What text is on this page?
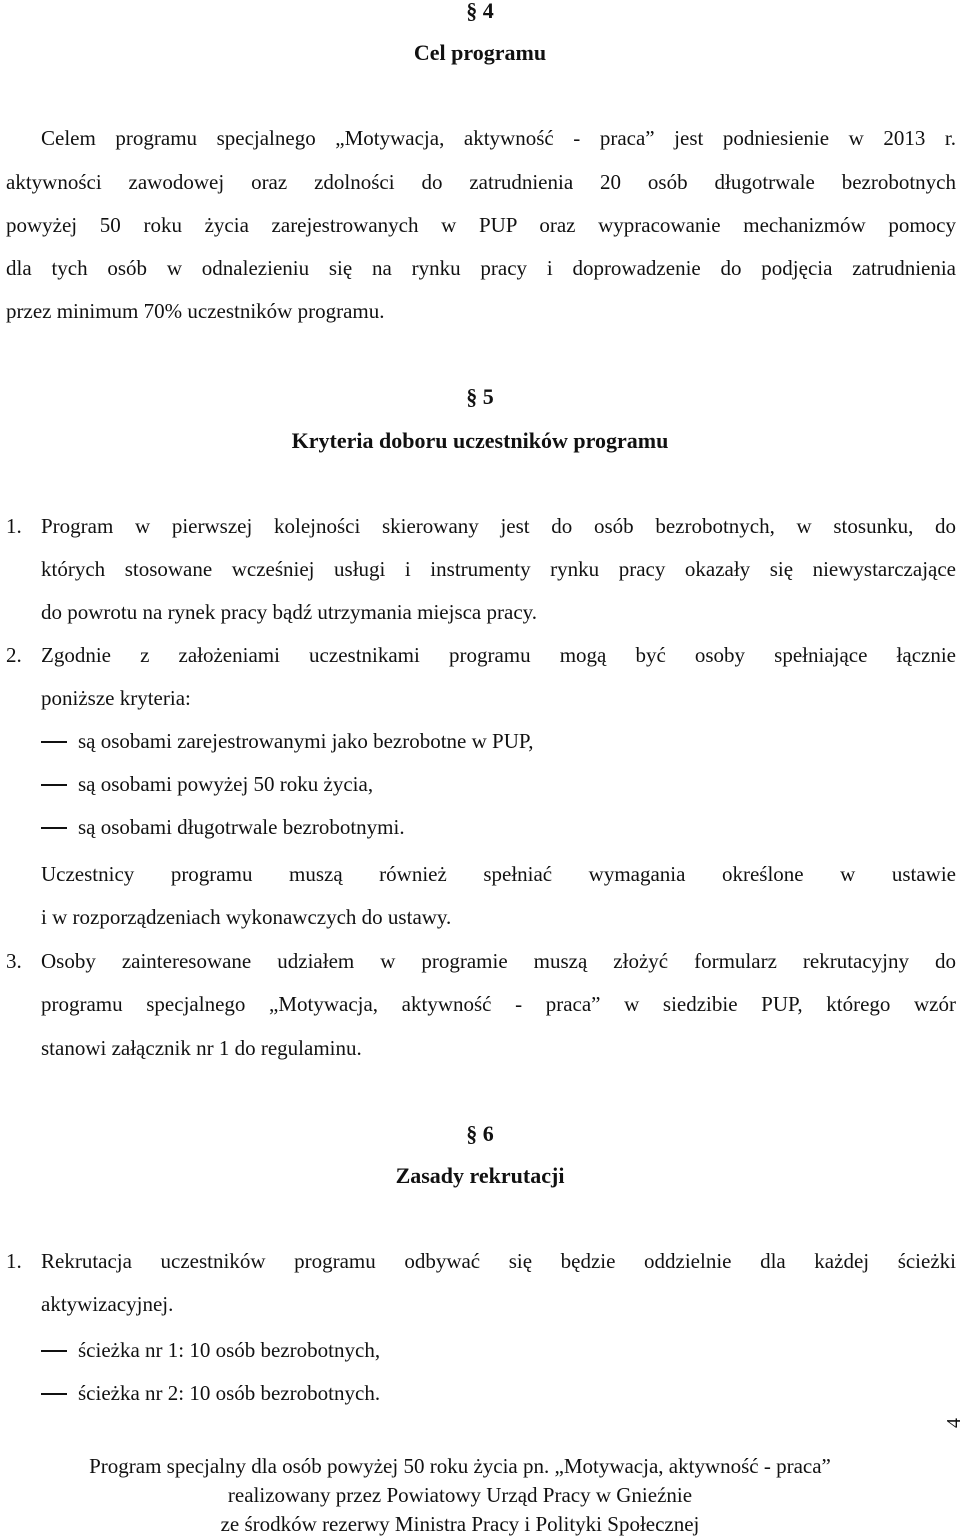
§ 4
Cel programu
Celem programu specjalnego „Motywacja, aktywność - praca” jest podniesienie w 2013 r.
aktywności zawodowej oraz zdolności do zatrudnienia 20 osób długotrwale bezrobotnych
powyżej 50 roku życia zarejestrowanych w PUP oraz wypracowanie mechanizmów pomocy
dla tych osób w odnalezieniu się na rynku pracy i doprowadzenie do podjęcia zatrudnienia
przez minimum 70% uczestników programu.
§ 5
Kryteria doboru uczestników programu
1. Program w pierwszej kolejności skierowany jest do osób bezrobotnych, w stosunku, do
których stosowane wcześniej usługi i instrumenty rynku pracy okazały się niewystarczające
do powrotu na rynek pracy bądź utrzymania miejsca pracy.
2. Zgodnie z założeniami uczestnikami programu mogą być osoby spełniające łącznie
poniższe kryteria:
są osobami zarejestrowanymi jako bezrobotne w PUP,
są osobami powyżej 50 roku życia,
są osobami długotrwale bezrobotnymi.
Uczestnicy programu muszą również spełniać wymagania określone w ustawie
i w rozporządzeniach wykonawczych do ustawy.
3. Osoby zainteresowane udziałem w programie muszą złożyć formularz rekrutacyjny do
programu specjalnego „Motywacja, aktywność - praca” w siedzibie PUP, którego wzór
stanowi załącznik nr 1 do regulaminu.
§ 6
Zasady rekrutacji
1. Rekrutacja uczestników programu odbywać się będzie oddzielnie dla każdej ścieżki
aktywizacyjnej.
ścieżka nr 1: 10 osób bezrobotnych,
ścieżka nr 2: 10 osób bezrobotnych.
Program specjalny dla osób powyżej 50 roku życia pn. „Motywacja, aktywność - praca”
realizowany przez Powiatowy Urząd Pracy w Gnieźnie
ze środków rezerwy Ministra Pracy i Polityki Społecznej
4
